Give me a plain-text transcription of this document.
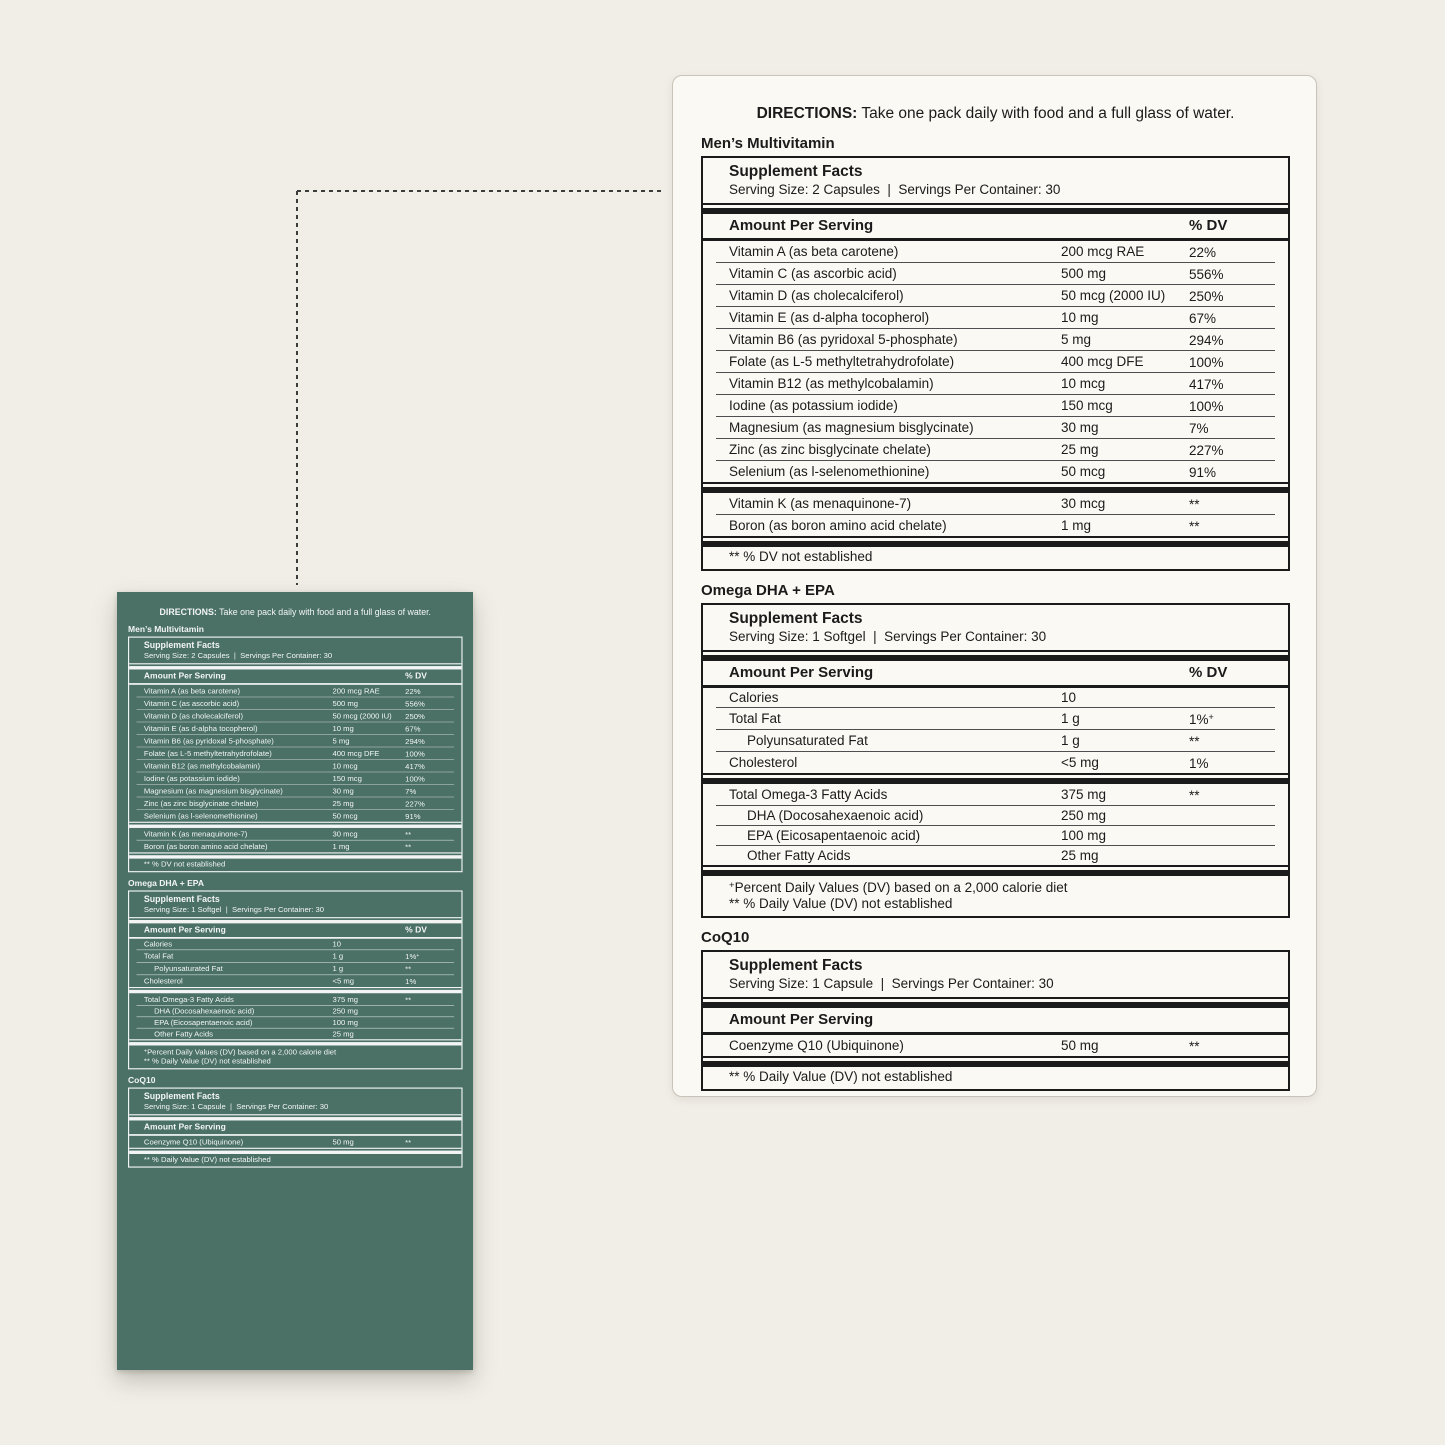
DIRECTIONS: Take one pack daily with food and a full glass of water.

Men’s Multivitamin
Supplement Facts
Serving Size: 2 Capsules  |  Servings Per Container: 30
Amount Per Serving	% DV
Vitamin A (as beta carotene)	200 mcg RAE	22%
Vitamin C (as ascorbic acid)	500 mg	556%
Vitamin D (as cholecalciferol)	50 mcg (2000 IU) 250%
Vitamin E (as d-alpha tocopherol)	10 mg	67%
Vitamin B6 (as pyridoxal 5-phosphate)	5 mg	294%
Folate (as L-5 methyltetrahydrofolate)	400 mcg DFE	100%
Vitamin B12 (as methylcobalamin)	10 mcg	417%
Iodine (as potassium iodide)	150 mcg	100%
Magnesium (as magnesium bisglycinate)	30 mg	7%
Zinc (as zinc bisglycinate chelate)	25 mg	227%
Selenium (as l-selenomethionine)	50 mcg	91%
Vitamin K (as menaquinone-7)	30 mcg	**
Boron (as boron amino acid chelate)	1 mg	**
** % DV not established

Omega DHA + EPA
Supplement Facts
Serving Size: 1 Softgel  |  Servings Per Container: 30
Amount Per Serving	% DV
Calories	10
Total Fat	1 g	1%+
Polyunsaturated Fat	1 g	**
Cholesterol	<5 mg	1%
Total Omega-3 Fatty Acids	375 mg	**
DHA (Docosahexaenoic acid)	250 mg
EPA (Eicosapentaenoic acid)	100 mg
Other Fatty Acids	25 mg
+Percent Daily Values (DV) based on a 2,000 calorie diet
** % Daily Value (DV) not established

CoQ10
Supplement Facts
Serving Size: 1 Capsule  |  Servings Per Container: 30
Amount Per Serving
Coenzyme Q10 (Ubiquinone)	50 mg	**
** % Daily Value (DV) not established

DIRECTIONS: Take one pack daily with food and a full glass of water.

Men’s Multivitamin
Supplement Facts
Serving Size: 2 Capsules  |  Servings Per Container: 30
Amount Per Serving	% DV
Vitamin A (as beta carotene)	200 mcg RAE	22%
Vitamin C (as ascorbic acid)	500 mg	556%
Vitamin D (as cholecalciferol)	50 mcg (2000 IU)	250%
Vitamin E (as d-alpha tocopherol)	10 mg	67%
Vitamin B6 (as pyridoxal 5-phosphate)	5 mg	294%
Folate (as L-5 methyltetrahydrofolate)	400 mcg DFE	100%
Vitamin B12 (as methylcobalamin)	10 mcg	417%
Iodine (as potassium iodide)	150 mcg	100%
Magnesium (as magnesium bisglycinate)	30 mg	7%
Zinc (as zinc bisglycinate chelate)	25 mg	227%
Selenium (as l-selenomethionine)	50 mcg	91%
Vitamin K (as menaquinone-7)	30 mcg	**
Boron (as boron amino acid chelate)	1 mg	**
** % DV not established

Omega DHA + EPA
Supplement Facts
Serving Size: 1 Softgel  |  Servings Per Container: 30
Amount Per Serving	% DV
Calories	10
Total Fat	1 g	1%+
Polyunsaturated Fat	1 g	**
Cholesterol	<5 mg	1%
Total Omega-3 Fatty Acids	375 mg	**
DHA (Docosahexaenoic acid)	250 mg
EPA (Eicosapentaenoic acid)	100 mg
Other Fatty Acids	25 mg
+Percent Daily Values (DV) based on a 2,000 calorie diet
** % Daily Value (DV) not established

CoQ10
Supplement Facts
Serving Size: 1 Capsule  |  Servings Per Container: 30
Amount Per Serving
Coenzyme Q10 (Ubiquinone)	50 mg	**
** % Daily Value (DV) not established
